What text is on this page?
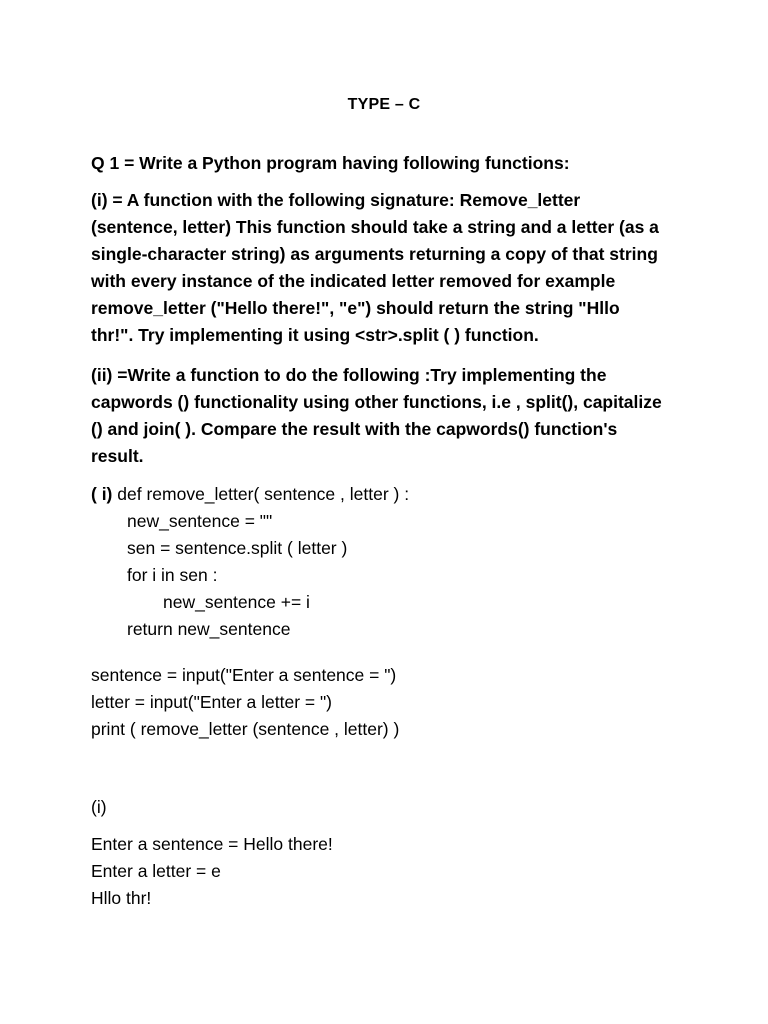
TYPE – C
Q 1 = Write a Python program having following functions:
(i) = A function with the following signature: Remove_letter
(sentence, letter) This function should take a string and a letter (as a
single-character string) as arguments returning a copy of that string
with every instance of the indicated letter removed for example
remove_letter ("Hello there!", "e") should return the string "Hllo
thr!". Try implementing it using <str>.split ( ) function.
(ii) =Write a function to do the following :Try implementing the
capwords () functionality using other functions, i.e , split(), capitalize
() and join( ). Compare the result with the capwords() function's
result.
( i) def remove_letter( sentence , letter ) :
new_sentence = ""
sen = sentence.split ( letter )
for i in sen :
new_sentence += i
return new_sentence
sentence = input("Enter a sentence = ")
letter = input("Enter a letter = ")
print ( remove_letter (sentence , letter) )
(i)
Enter a sentence = Hello there!
Enter a letter = e
Hllo thr!
